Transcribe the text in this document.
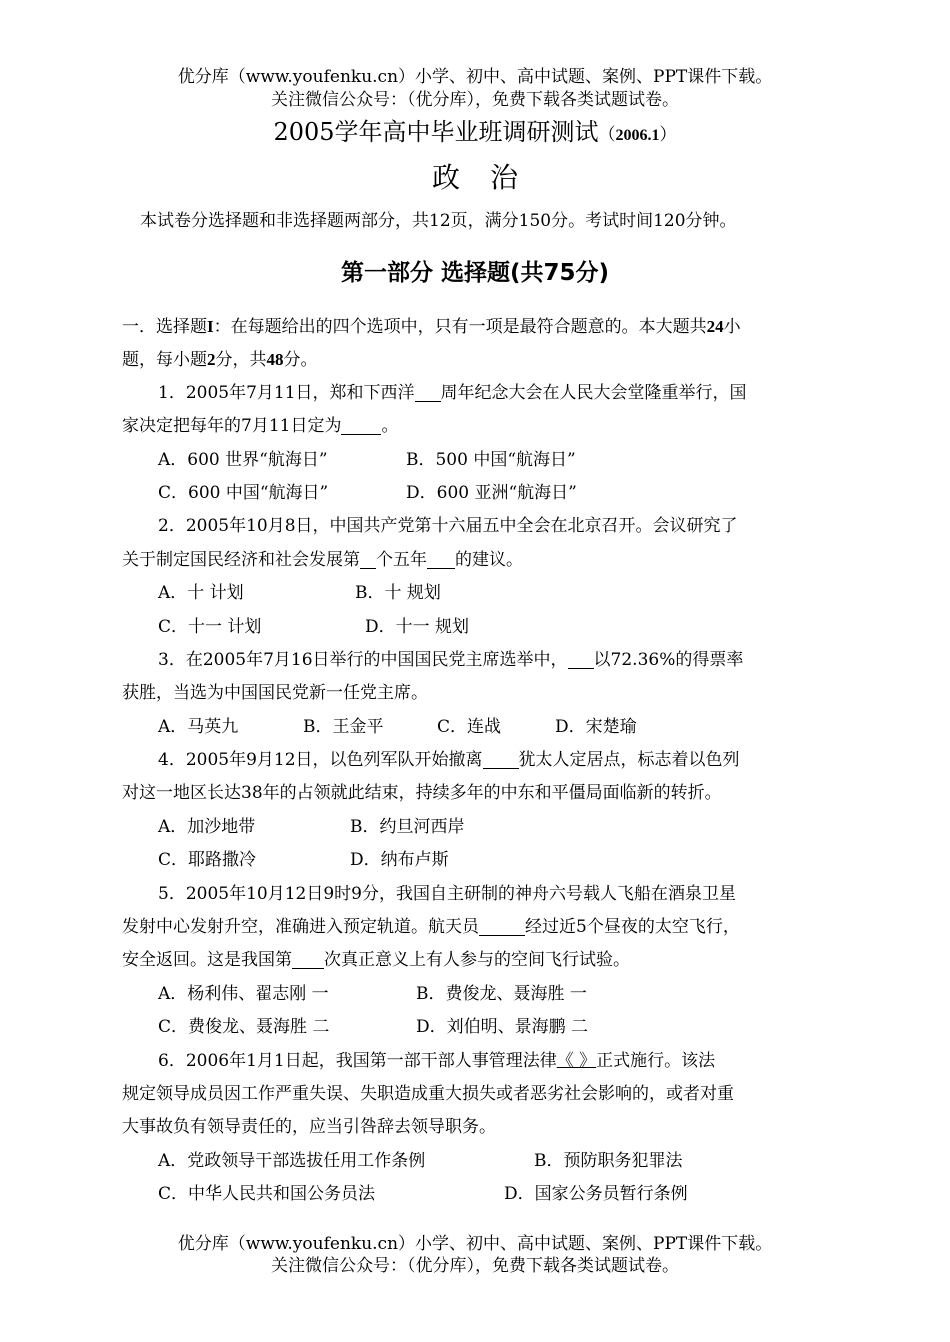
优分库（www.youfenku.cn）小学、初中、高中试题、案例、PPT课件下载。
关注微信公众号：（优分库），免费下载各类试题试卷。
2005学年高中毕业班调研测试（2006.1）
政治
本试卷分选择题和非选择题两部分，共12页，满分150分。考试时间120分钟。
第一部分 选择题(共75分)
一．选择题I：在每题给出的四个选项中，只有一项是最符合题意的。本大题共24小
题，每小题2分，共48分。
1．2005年7月11日，郑和下西洋 周年纪念大会在人民大会堂隆重举行，国
家决定把每年的7月11日定为 。
A．600 世界“航海日”	B．500 中国“航海日”
C．600 中国“航海日”	D．600 亚洲“航海日”
2．2005年10月8日，中国共产党第十六届五中全会在北京召开。会议研究了
关于制定国民经济和社会发展第 个五年 的建议。
A．十 计划	B．十 规划
C．十一 计划	D．十一 规划
3．在2005年7月16日举行的中国国民党主席选举中， 以72.36%的得票率
获胜，当选为中国国民党新一任党主席。
A．马英九	B．王金平	C．连战	D．宋楚瑜
4．2005年9月12日，以色列军队开始撤离 犹太人定居点，标志着以色列
对这一地区长达38年的占领就此结束，持续多年的中东和平僵局面临新的转折。
A．加沙地带	B．约旦河西岸
C．耶路撒冷	D．纳布卢斯
5．2005年10月12日9时9分，我国自主研制的神舟六号载人飞船在酒泉卫星
发射中心发射升空，准确进入预定轨道。航天员	经过近5个昼夜的太空飞行，
安全返回。这是我国第 次真正意义上有人参与的空间飞行试验。
A．杨利伟、翟志刚 一	B．费俊龙、聂海胜 一
C．费俊龙、聂海胜 二	D．刘伯明、景海鹏 二
6．2006年1月1日起，我国第一部干部人事管理法律《 》正式施行。该法
规定领导成员因工作严重失误、失职造成重大损失或者恶劣社会影响的，或者对重
大事故负有领导责任的，应当引咎辞去领导职务。
A．党政领导干部选拔任用工作条例	B．预防职务犯罪法
C．中华人民共和国公务员法	D．国家公务员暂行条例
优分库（www.youfenku.cn）小学、初中、高中试题、案例、PPT课件下载。
关注微信公众号：（优分库），免费下载各类试题试卷。
